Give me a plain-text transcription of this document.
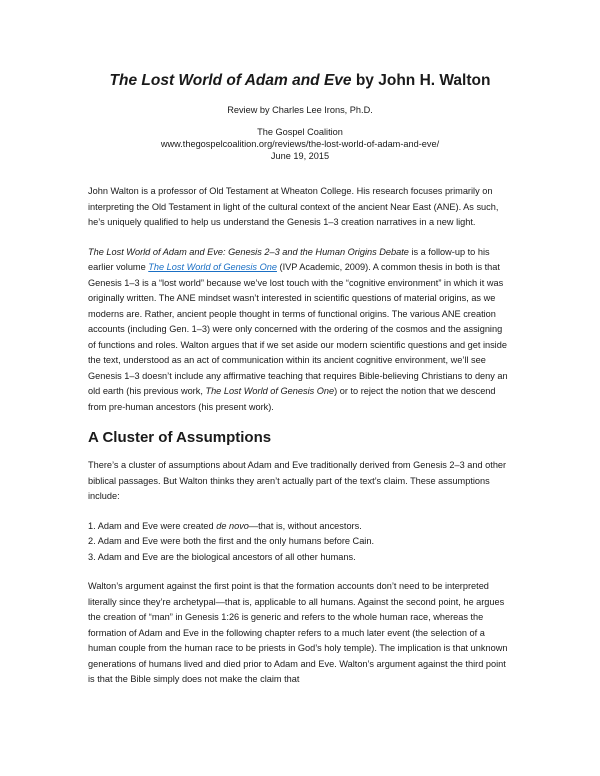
The Lost World of Adam and Eve by John H. Walton
Review by Charles Lee Irons, Ph.D.
The Gospel Coalition
www.thegospelcoalition.org/reviews/the-lost-world-of-adam-and-eve/
June 19, 2015

John Walton is a professor of Old Testament at Wheaton College. His research focuses primarily on interpreting the Old Testament in light of the cultural context of the ancient Near East (ANE). As such, he’s uniquely qualified to help us understand the Genesis 1–3 creation narratives in a new light.

The Lost World of Adam and Eve: Genesis 2–3 and the Human Origins Debate is a follow-up to his earlier volume The Lost World of Genesis One (IVP Academic, 2009). A common thesis in both is that Genesis 1–3 is a “lost world” because we’ve lost touch with the “cognitive environment” in which it was originally written. The ANE mindset wasn’t interested in scientific questions of material origins, as we moderns are. Rather, ancient people thought in terms of functional origins. The various ANE creation accounts (including Gen. 1–3) were only concerned with the ordering of the cosmos and the assigning of functions and roles. Walton argues that if we set aside our modern scientific questions and get inside the text, understood as an act of communication within its ancient cognitive environment, we’ll see Genesis 1–3 doesn’t include any affirmative teaching that requires Bible-believing Christians to deny an old earth (his previous work, The Lost World of Genesis One) or to reject the notion that we descend from pre-human ancestors (his present work).

A Cluster of Assumptions

There’s a cluster of assumptions about Adam and Eve traditionally derived from Genesis 2–3 and other biblical passages. But Walton thinks they aren’t actually part of the text’s claim. These assumptions include:

1. Adam and Eve were created de novo—that is, without ancestors.
2. Adam and Eve were both the first and the only humans before Cain.
3. Adam and Eve are the biological ancestors of all other humans.

Walton’s argument against the first point is that the formation accounts don’t need to be interpreted literally since they’re archetypal—that is, applicable to all humans. Against the second point, he argues the creation of “man” in Genesis 1:26 is generic and refers to the whole human race, whereas the formation of Adam and Eve in the following chapter refers to a much later event (the selection of a human couple from the human race to be priests in God’s holy temple). The implication is that unknown generations of humans lived and died prior to Adam and Eve. Walton’s argument against the third point is that the Bible simply does not make the claim that
